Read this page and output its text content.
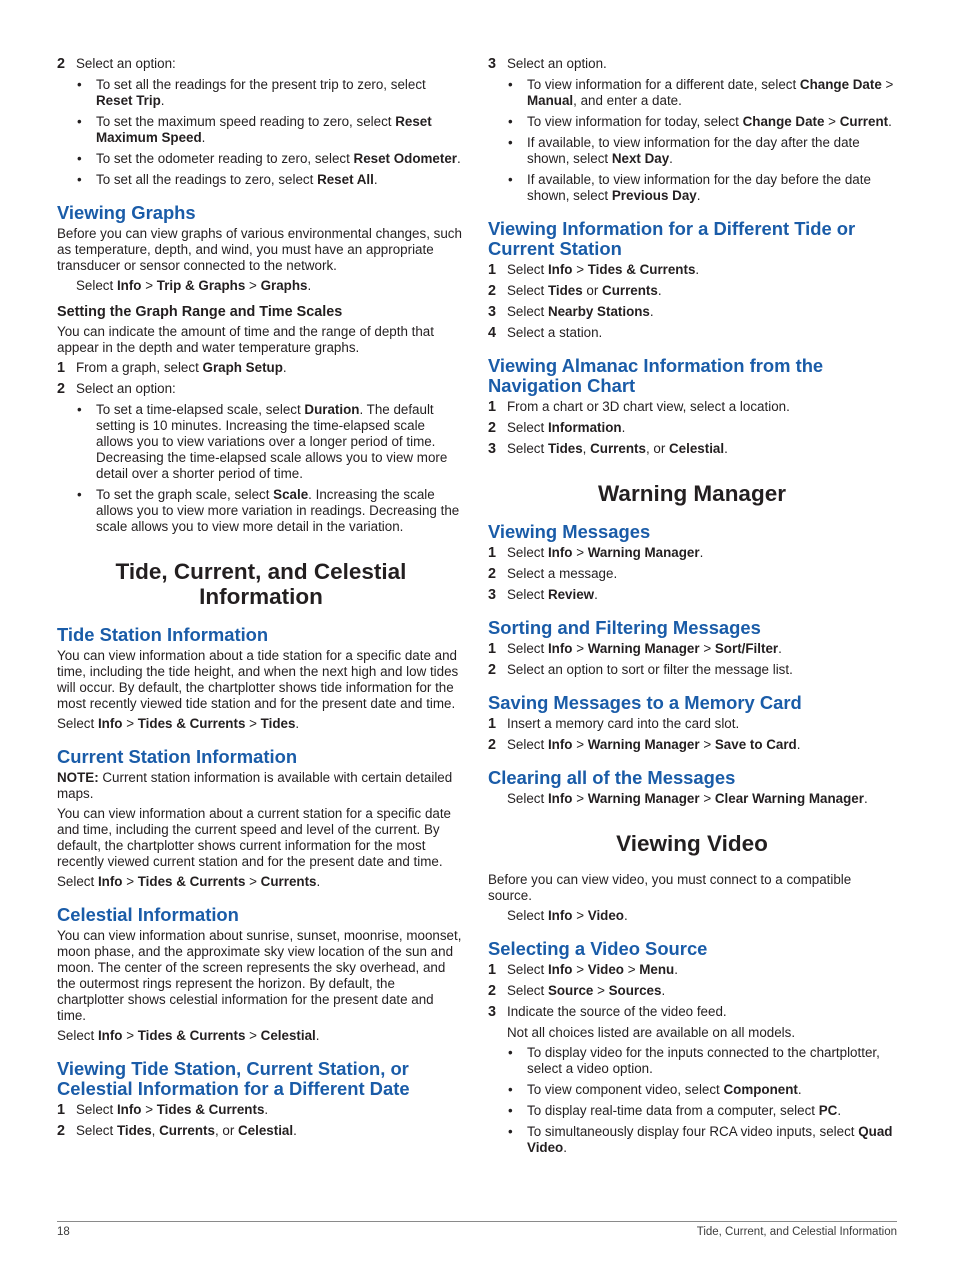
2 Select an option:
• To set all the readings for the present trip to zero, select Reset Trip.
• To set the maximum speed reading to zero, select Reset Maximum Speed.
• To set the odometer reading to zero, select Reset Odometer.
• To set all the readings to zero, select Reset All.
Viewing Graphs

Before you can view graphs of various environmental changes, such as temperature, depth, and wind, you must have an appropriate transducer or sensor connected to the network.

Select Info > Trip & Graphs > Graphs.

Setting the Graph Range and Time Scales

You can indicate the amount of time and the range of depth that appear in the depth and water temperature graphs.

1 From a graph, select Graph Setup.
2 Select an option:
• To set a time-elapsed scale, select Duration. The default setting is 10 minutes. Increasing the time-elapsed scale allows you to view variations over a longer period of time. Decreasing the time-elapsed scale allows you to view more detail over a shorter period of time.
• To set the graph scale, select Scale. Increasing the scale allows you to view more variation in readings. Decreasing the scale allows you to view more detail in the variation.
Tide, Current, and Celestial Information
Tide Station Information

You can view information about a tide station for a specific date and time, including the tide height, and when the next high and low tides will occur. By default, the chartplotter shows tide information for the most recently viewed tide station and for the present date and time.

Select Info > Tides & Currents > Tides.

Current Station Information

NOTE: Current station information is available with certain detailed maps.

You can view information about a current station for a specific date and time, including the current speed and level of the current. By default, the chartplotter shows current information for the most recently viewed current station and for the present date and time.

Select Info > Tides & Currents > Currents.

Celestial Information

You can view information about sunrise, sunset, moonrise, moonset, moon phase, and the approximate sky view location of the sun and moon. The center of the screen represents the sky overhead, and the outermost rings represent the horizon. By default, the chartplotter shows celestial information for the present date and time.

Select Info > Tides & Currents > Celestial.

Viewing Tide Station, Current Station, or Celestial Information for a Different Date
1 Select Info > Tides & Currents.
2 Select Tides, Currents, or Celestial.
3 Select an option.
• To view information for a different date, select Change Date > Manual, and enter a date.
• To view information for today, select Change Date > Current.
• If available, to view information for the day after the date shown, select Next Day.
• If available, to view information for the day before the date shown, select Previous Day.
Viewing Information for a Different Tide or Current Station
1 Select Info > Tides & Currents.
2 Select Tides or Currents.
3 Select Nearby Stations.
4 Select a station.
Viewing Almanac Information from the Navigation Chart
1 From a chart or 3D chart view, select a location.
2 Select Information.
3 Select Tides, Currents, or Celestial.
Warning Manager
Viewing Messages
1 Select Info > Warning Manager.
2 Select a message.
3 Select Review.
Sorting and Filtering Messages
1 Select Info > Warning Manager > Sort/Filter.
2 Select an option to sort or filter the message list.
Saving Messages to a Memory Card
1 Insert a memory card into the card slot.
2 Select Info > Warning Manager > Save to Card.
Clearing all of the Messages

Select Info > Warning Manager > Clear Warning Manager.

Viewing Video

Before you can view video, you must connect to a compatible source.

Select Info > Video.

Selecting a Video Source
1 Select Info > Video > Menu.
2 Select Source > Sources.
3 Indicate the source of the video feed.

Not all choices listed are available on all models.

• To display video for the inputs connected to the chartplotter, select a video option.
• To view component video, select Component.
• To display real-time data from a computer, select PC.
• To simultaneously display four RCA video inputs, select Quad Video.
18	Tide, Current, and Celestial Information
